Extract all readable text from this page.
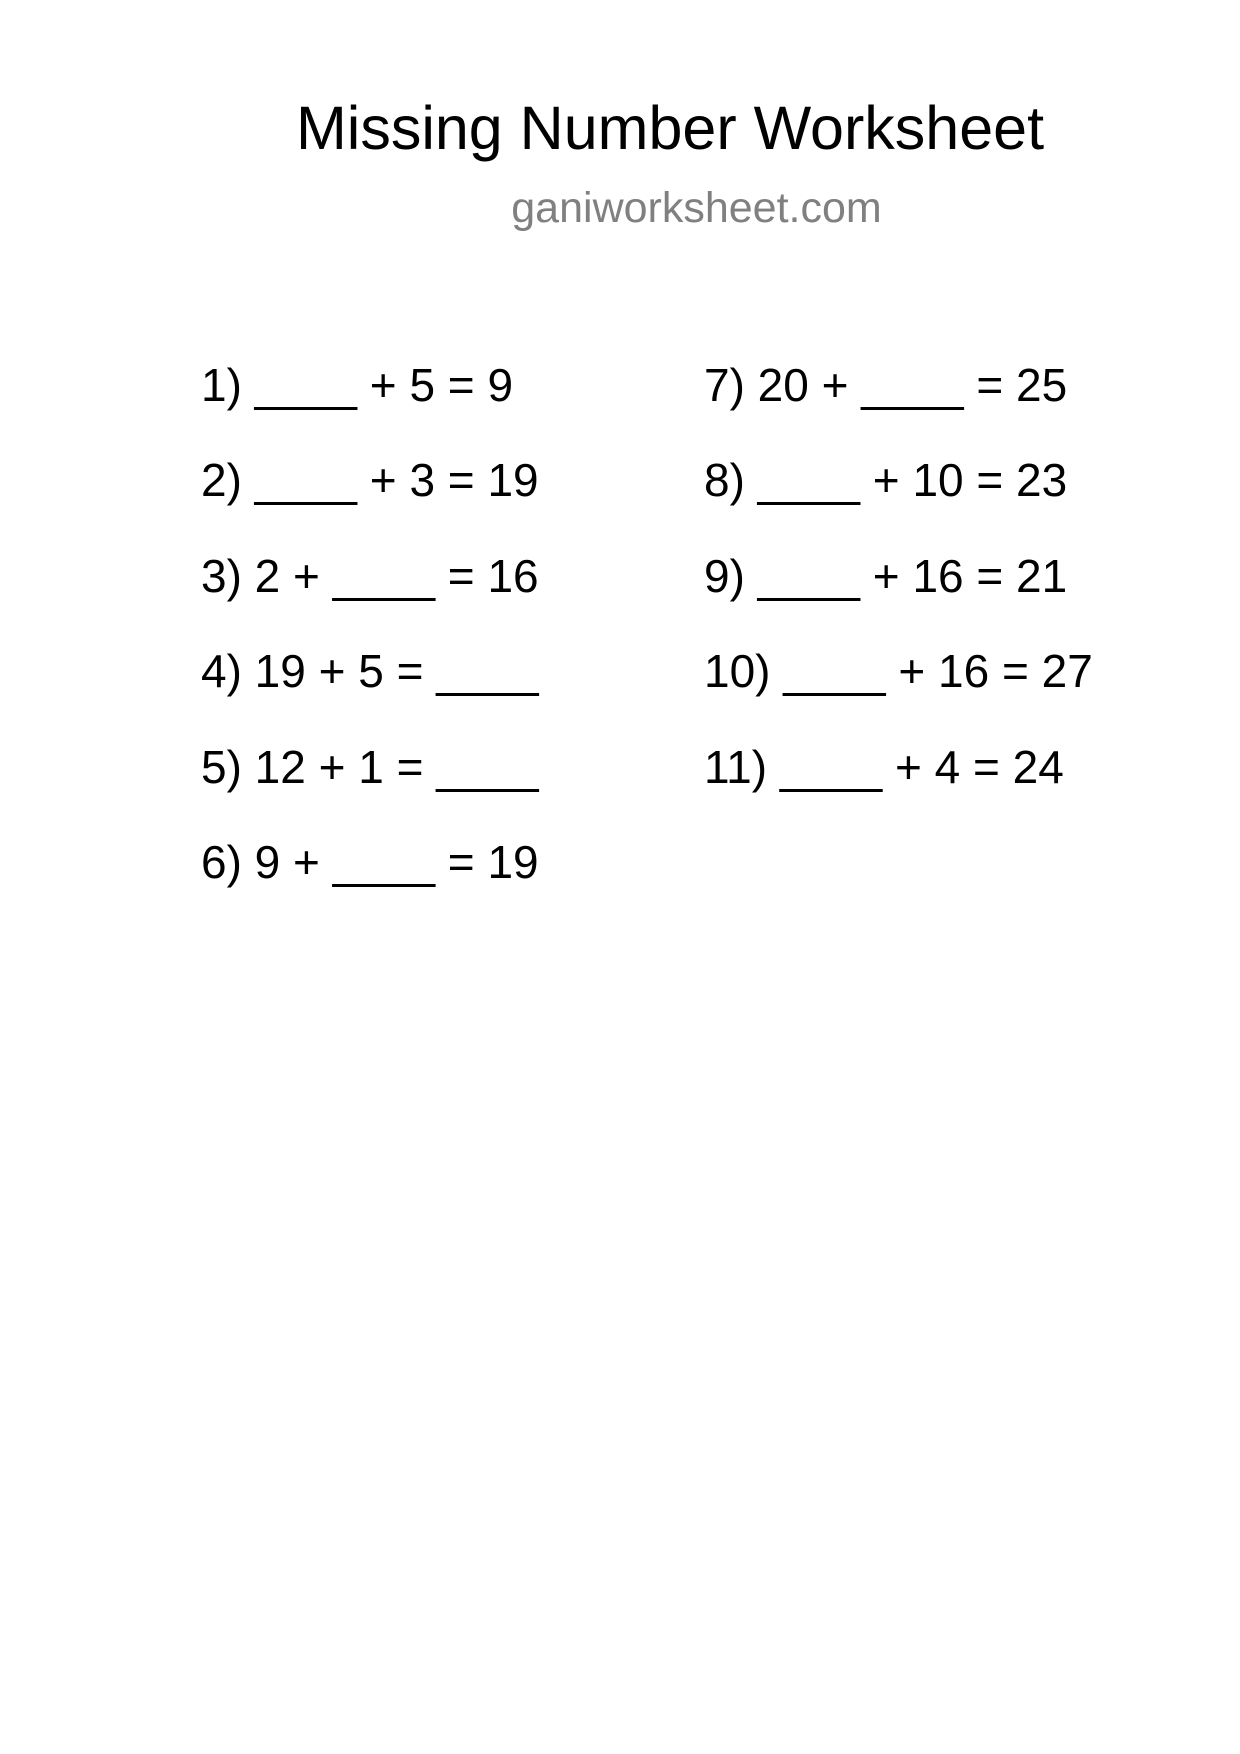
Missing Number Worksheet
ganiworksheet.com
1) ____ + 5 = 9
2) ____ + 3 = 19
3) 2 + ____ = 16
4) 19 + 5 = ____
5) 12 + 1 = ____
6) 9 + ____ = 19
7) 20 + ____ = 25
8) ____ + 10 = 23
9) ____ + 16 = 21
10) ____ + 16 = 27
11) ____ + 4 = 24
